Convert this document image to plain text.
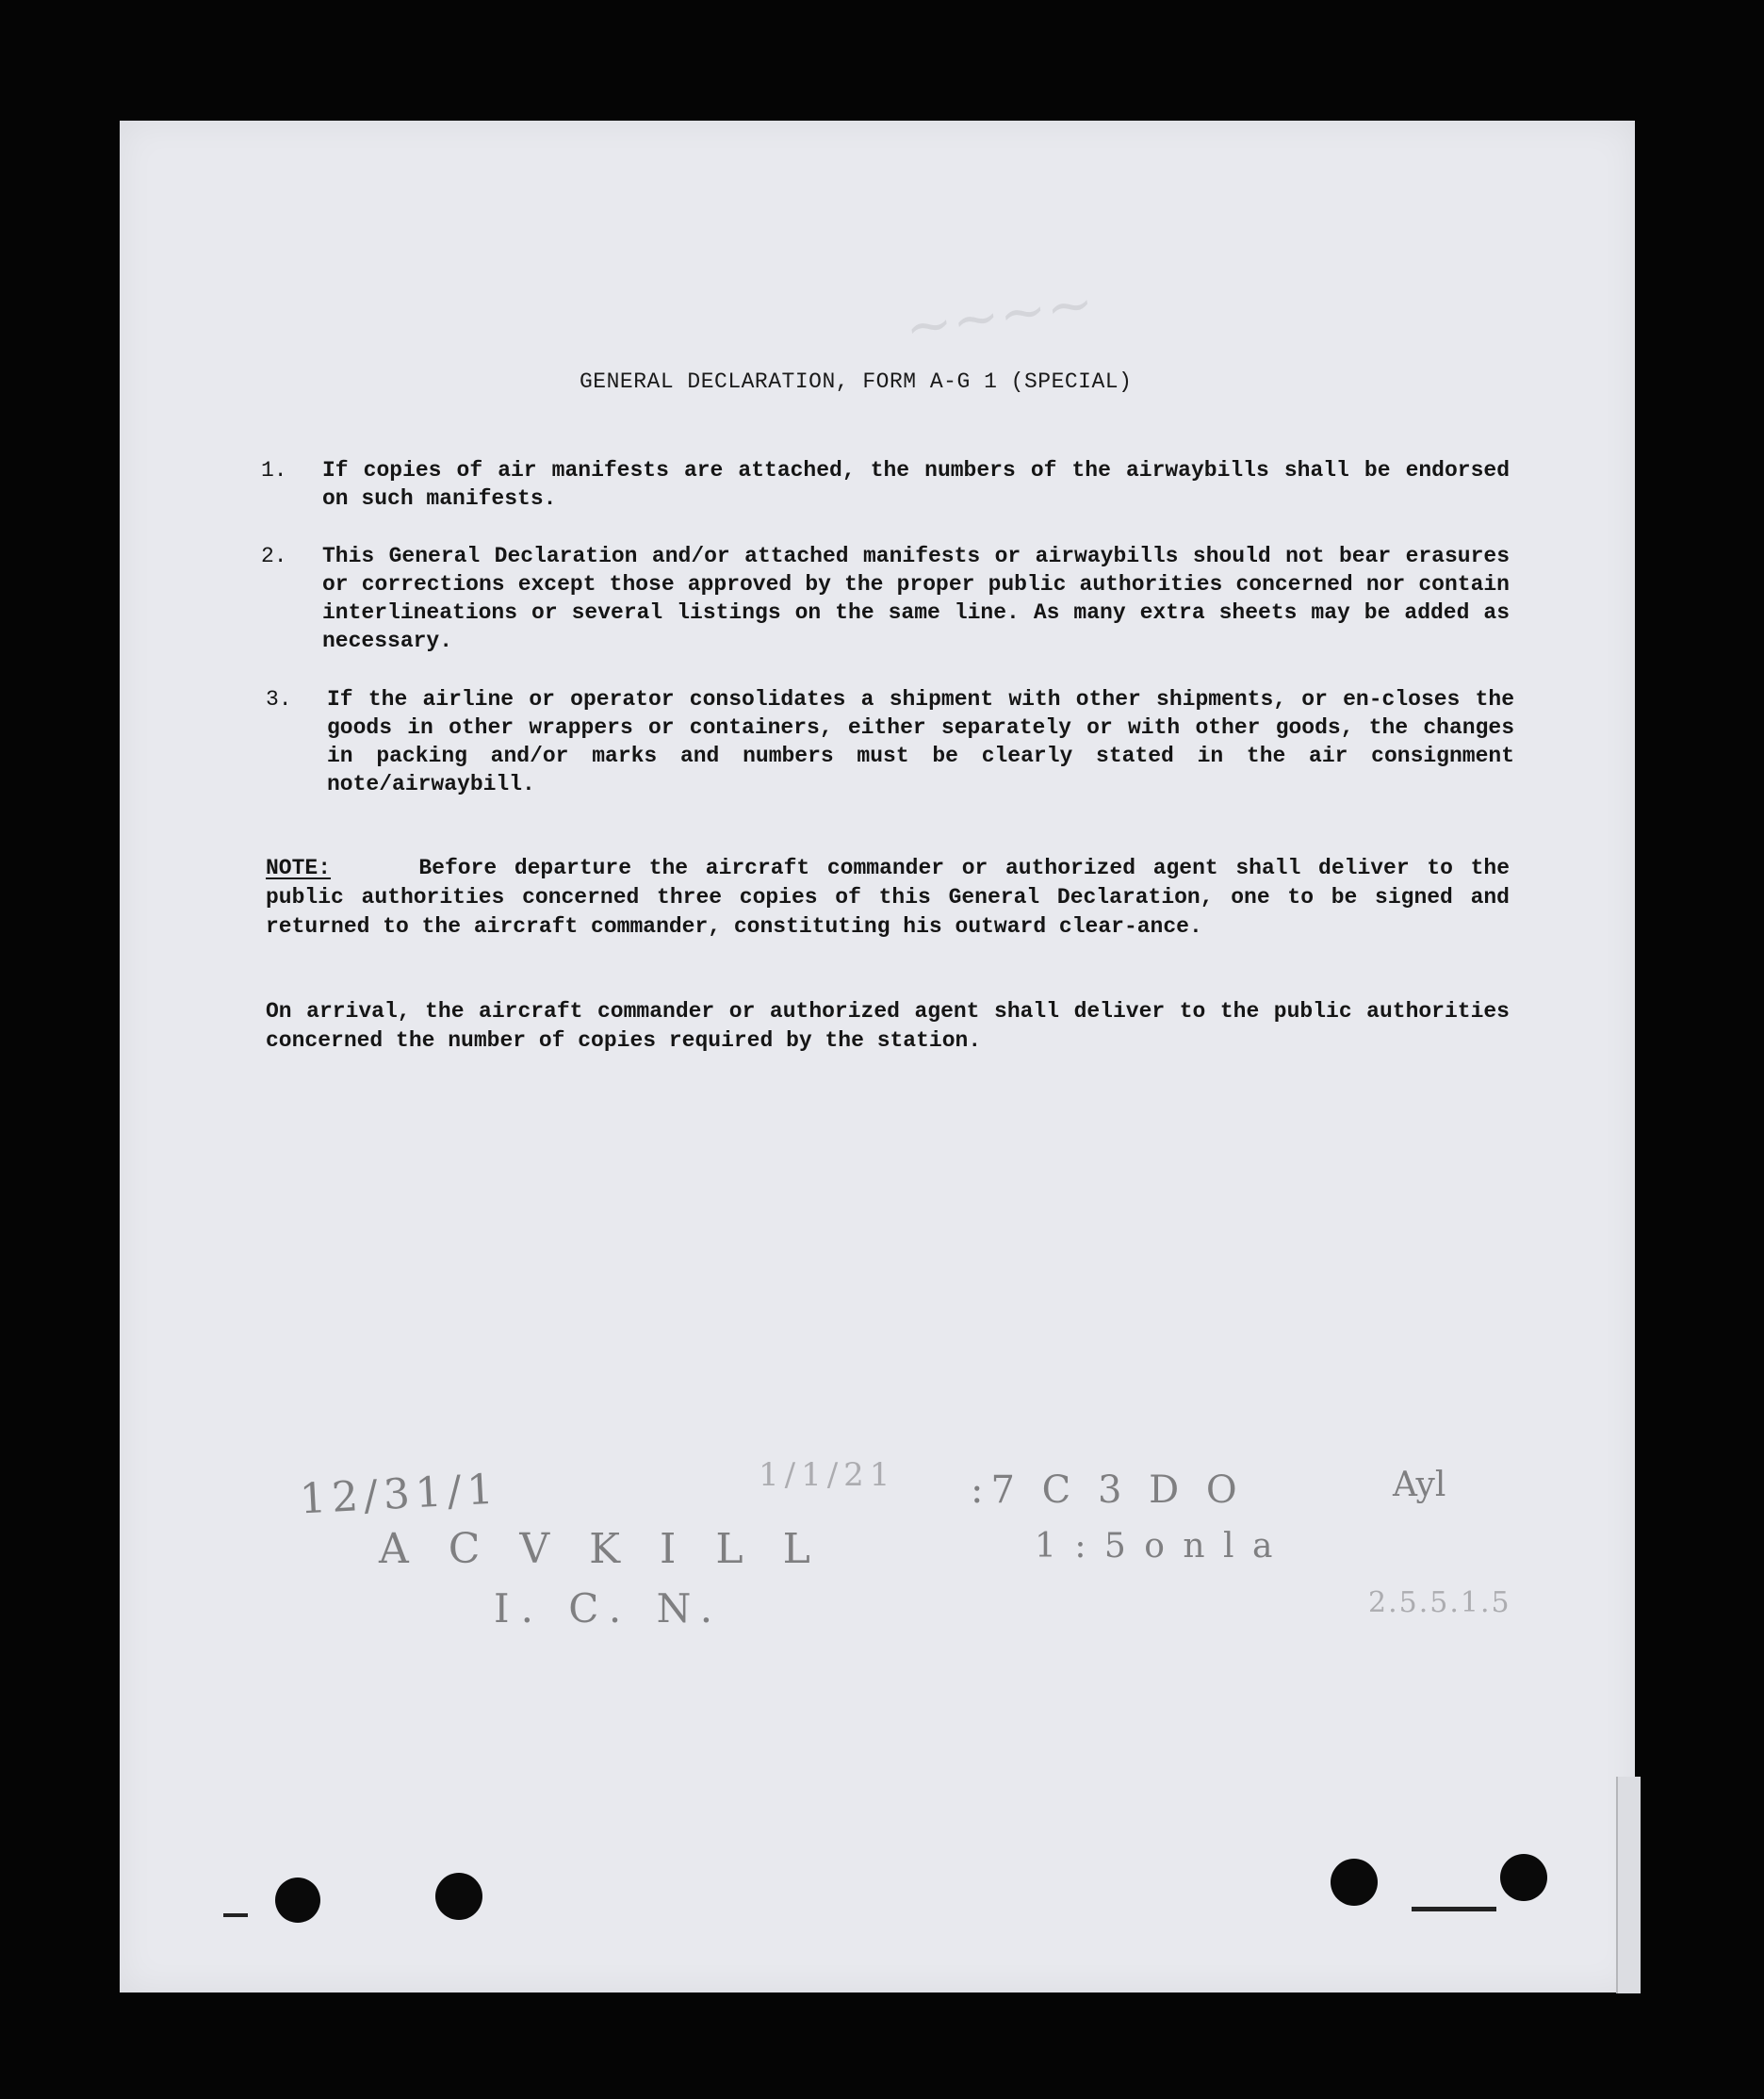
~~~~
GENERAL DECLARATION, FORM A-G 1 (SPECIAL)
1. If copies of air manifests are attached, the numbers of the airwaybills shall be endorsed on such manifests.
2. This General Declaration and/or attached manifests or airwaybills should not bear erasures or corrections except those approved by the proper public authorities concerned nor contain interlineations or several listings on the same line. As many extra sheets may be added as necessary.
3. If the airline or operator consolidates a shipment with other shipments, or en-closes the goods in other wrappers or containers, either separately or with other goods, the changes in packing and/or marks and numbers must be clearly stated in the air consignment note/airwaybill.
NOTE:	Before departure the aircraft commander or authorized agent shall deliver to the public authorities concerned three copies of this General Declaration, one to be signed and returned to the aircraft commander, constituting his outward clear-ance.
On arrival, the aircraft commander or authorized agent shall deliver to the public authorities concerned the number of copies required by the station.
12/31/1	1/1/21
A C V K I L L
I. C. N.
:7 C 3 D O
1 : 5 o n l a
Ayl
2.5.5.1.5
